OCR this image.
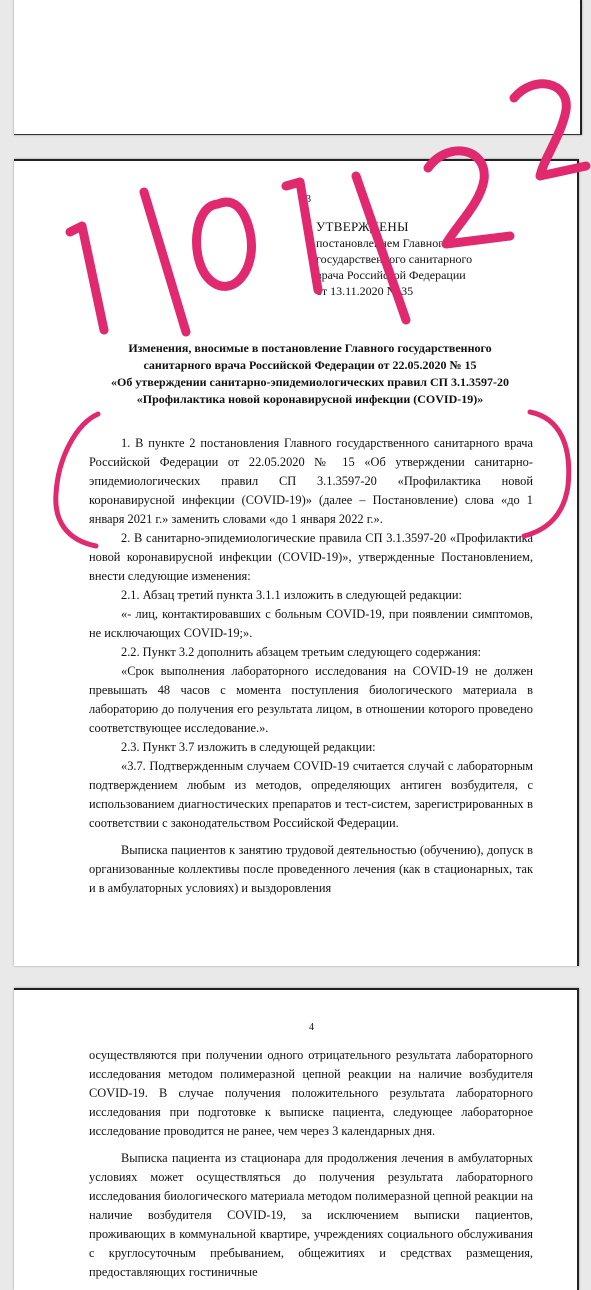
3
УТВЕРЖДЕНЫ
постановлением Главного
государственного санитарного
врача Российской Федерации
от 13.11.2020 № 35
Изменения, вносимые в постановление Главного государственного
санитарного врача Российской Федерации от 22.05.2020 № 15
«Об утверждении санитарно-эпидемиологических правил СП 3.1.3597-20
«Профилактика новой коронавирусной инфекции (COVID-19)»

1. В пункте 2 постановления Главного государственного санитарного врача Российской Федерации от 22.05.2020 № 15 «Об утверждении санитарно-эпидемиологических правил СП 3.1.3597-20 «Профилактика новой коронавирусной инфекции (COVID-19)» (далее – Постановление) слова «до 1 января 2021 г.» заменить словами «до 1 января 2022 г.».

2. В санитарно-эпидемиологические правила СП 3.1.3597-20 «Профилактика новой коронавирусной инфекции (COVID-19)», утвержденные Постановлением, внести следующие изменения:

2.1. Абзац третий пункта 3.1.1 изложить в следующей редакции:

«- лиц, контактировавших с больным COVID-19, при появлении симптомов, не исключающих COVID-19;».

2.2. Пункт 3.2 дополнить абзацем третьим следующего содержания:

«Срок выполнения лабораторного исследования на COVID-19 не должен превышать 48 часов с момента поступления биологического материала в лабораторию до получения его результата лицом, в отношении которого проведено соответствующее исследование.».

2.3. Пункт 3.7 изложить в следующей редакции:

«3.7. Подтвержденным случаем COVID-19 считается случай с лабораторным подтверждением любым из методов, определяющих антиген возбудителя, с использованием диагностических препаратов и тест-систем, зарегистрированных в соответствии с законодательством Российской Федерации.

Выписка пациентов к занятию трудовой деятельностью (обучению), допуск в организованные коллективы после проведенного лечения (как в стационарных, так и в амбулаторных условиях) и выздоровления

4

осуществляются при получении одного отрицательного результата лабораторного исследования методом полимеразной цепной реакции на наличие возбудителя COVID-19. В случае получения положительного результата лабораторного исследования при подготовке к выписке пациента, следующее лабораторное исследование проводится не ранее, чем через 3 календарных дня.

Выписка пациента из стационара для продолжения лечения в амбулаторных условиях может осуществляться до получения результата лабораторного исследования биологического материала методом полимеразной цепной реакции на наличие возбудителя COVID-19, за исключением выписки пациентов, проживающих в коммунальной квартире, учреждениях социального обслуживания с круглосуточным пребыванием, общежитиях и средствах размещения, предоставляющих гостиничные
